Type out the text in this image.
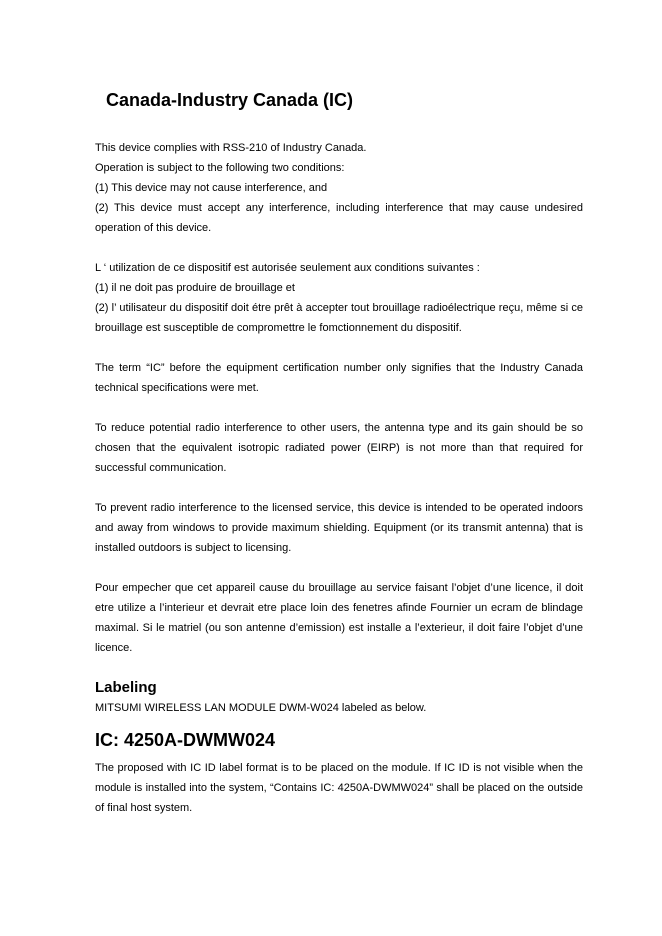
Canada-Industry Canada (IC)

This device complies with RSS-210 of Industry Canada.

Operation is subject to the following two conditions:

(1) This device may not cause interference, and

(2) This device must accept any interference, including interference that may cause undesired operation of this device.

L ‘ utilization de ce dispositif est autorisée seulement aux conditions suivantes :

(1) il ne doit pas produire de brouillage et

(2) l’ utilisateur du dispositif doit étre prêt à accepter tout brouillage radioélectrique reçu, même si ce brouillage est susceptible de compromettre le fomctionnement du dispositif.

The term “IC” before the equipment certification number only signifies that the Industry Canada technical specifications were met.

To reduce potential radio interference to other users, the antenna type and its gain should be so chosen that the equivalent isotropic radiated power (EIRP) is not more than that required for successful communication.

To prevent radio interference to the licensed service, this device is intended to be operated indoors and away from windows to provide maximum shielding. Equipment (or its transmit antenna) that is installed outdoors is subject to licensing.

Pour empecher que cet appareil cause du brouillage au service faisant l’objet d’une licence, il doit etre utilize a l’interieur et devrait etre place loin des fenetres afinde Fournier un ecram de blindage maximal. Si le matriel (ou son antenne d’emission) est installe a l’exterieur, il doit faire l’objet d’une licence.

Labeling

MITSUMI WIRELESS LAN MODULE DWM-W024 labeled as below.

IC: 4250A-DWMW024

The proposed with IC ID label format is to be placed on the module. If IC ID is not visible when the module is installed into the system, “Contains IC: 4250A-DWMW024” shall be placed on the outside of final host system.
